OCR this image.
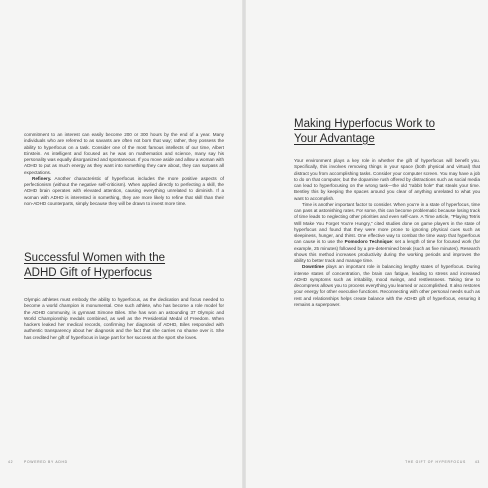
commitment to an interest can easily become 200 or 300 hours by the end of a year. Many individuals who are referred to as savants are often not born that way; rather, they possess the ability to hyperfocus on a task. Consider one of the most famous intellects of our time, Albert Einstein. As intelligent and focused as he was on mathematics and science, many say his personality was equally disorganized and spontaneous. If you move aside and allow a woman with ADHD to put as much energy as they want into something they care about, they can surpass all expectations.

Refinery. Another characteristic of hyperfocus includes the more positive aspects of perfectionism (without the negative self-criticism). When applied directly to perfecting a skill, the ADHD brain operates with elevated attention, causing everything unrelated to diminish. If a woman with ADHD is interested in something, they are more likely to refine that skill than their non-ADHD counterparts, simply because they will be drawn to invest more time.

Successful Women with the
ADHD Gift of Hyperfocus

Olympic athletes must embody the ability to hyperfocus, as the dedication and focus needed to become a world champion is monumental. One such athlete, who has become a role model for the ADHD community, is gymnast Simone Biles. She has won an astounding 37 Olympic and World Championship medals combined, as well as the Presidential Medal of Freedom. When hackers leaked her medical records, confirming her diagnosis of ADHD, Biles responded with authentic transparency about her diagnosis and the fact that she carries no shame over it. She has credited her gift of hyperfocus in large part for her success at the sport she loves.

42	POWERED BY ADHD
Making Hyperfocus Work to
Your Advantage

Your environment plays a key role in whether the gift of hyperfocus will benefit you. Specifically, this involves removing things in your space (both physical and virtual) that distract you from accomplishing tasks. Consider your computer screen. You may have a job to do on that computer, but the dopamine rush offered by distractions such as social media can lead to hyperfocusing on the wrong task—the old "rabbit hole" that steals your time. Bentley this by keeping the spaces around you clear of anything unrelated to what you want to accomplish.

Time is another important factor to consider. When you're in a state of hyperfocus, time can pass at astonishing rates. For some, this can become problematic because losing track of time leads to neglecting other priorities and even self-care. A Time article, "Playing Tetris Will Make You Forget You're Hungry," cited studies done on game players in the state of hyperfocus and found that they were more prone to ignoring physical cues such as sleepiness, hunger, and thirst. One effective way to combat the time warp that hyperfocus can cause is to use the Pomodoro Technique: set a length of time for focused work (for example, 25 minutes) followed by a pre-determined break (such as five minutes). Research shows this method increases productivity during the working periods and improves the ability to better track and manage time.

Downtime plays an important role in balancing lengthy states of hyperfocus. During intense states of concentration, the brain can fatigue, leading to stress and increased ADHD symptoms such as irritability, mood swings, and restlessness. Taking time to decompress allows you to process everything you learned or accomplished. It also restores your energy for other executive functions. Reconnecting with other personal needs such as rest and relationships helps create balance with the ADHD gift of hyperfocus, ensuring it remains a superpower.

THE GIFT OF HYPERFOCUS	43
